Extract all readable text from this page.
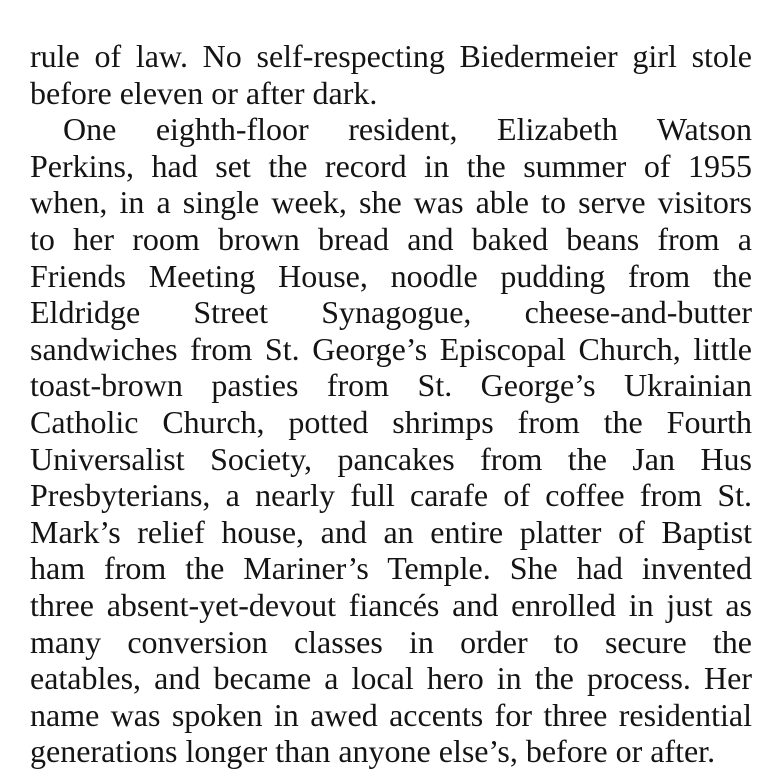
rule of law. No self-respecting Biedermeier girl stole
before eleven or after dark.
One eighth-floor resident, Elizabeth Watson
Perkins, had set the record in the summer of 1955
when, in a single week, she was able to serve visitors
to her room brown bread and baked beans from a
Friends Meeting House, noodle pudding from the
Eldridge Street Synagogue, cheese-and-butter
sandwiches from St. George’s Episcopal Church, little
toast-brown pasties from St. George’s Ukrainian
Catholic Church, potted shrimps from the Fourth
Universalist Society, pancakes from the Jan Hus
Presbyterians, a nearly full carafe of coffee from St.
Mark’s relief house, and an entire platter of Baptist
ham from the Mariner’s Temple. She had invented
three absent-yet-devout fiancés and enrolled in just as
many conversion classes in order to secure the
eatables, and became a local hero in the process. Her
name was spoken in awed accents for three residential
generations longer than anyone else’s, before or after.
